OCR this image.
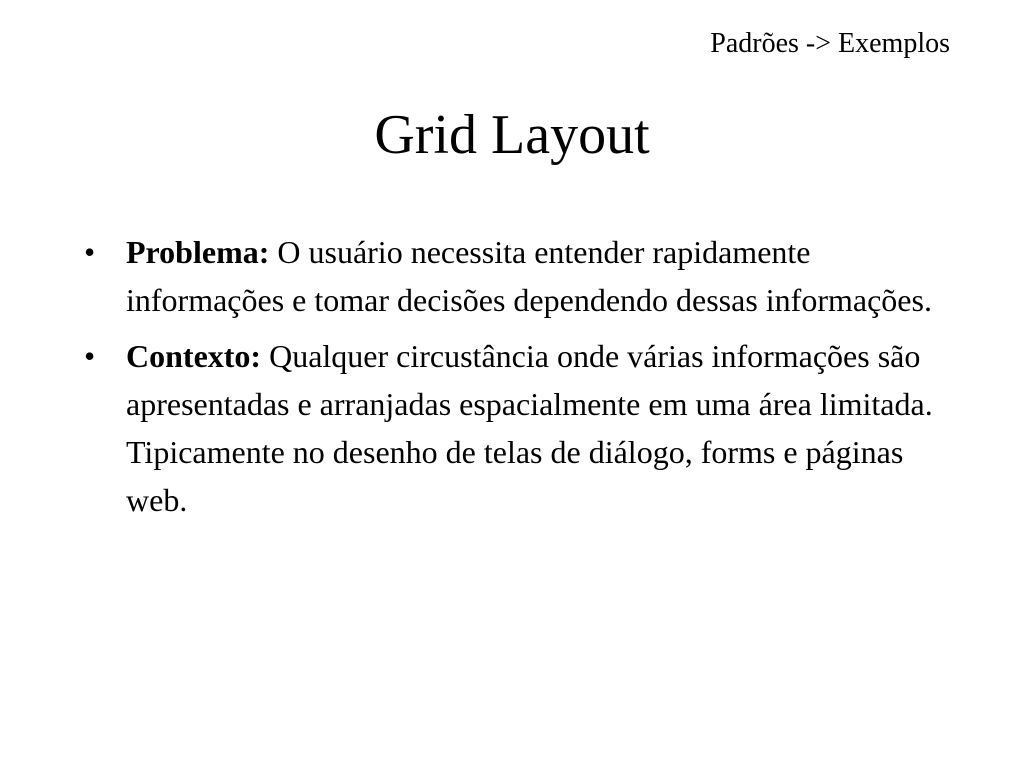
Padrões -> Exemplos
Grid Layout
• Problema: O usuário necessita entender rapidamente informações e tomar decisões dependendo dessas informações.
• Contexto: Qualquer circustância onde várias informações são apresentadas e arranjadas espacialmente em uma área limitada. Tipicamente no desenho de telas de diálogo, forms e páginas web.
